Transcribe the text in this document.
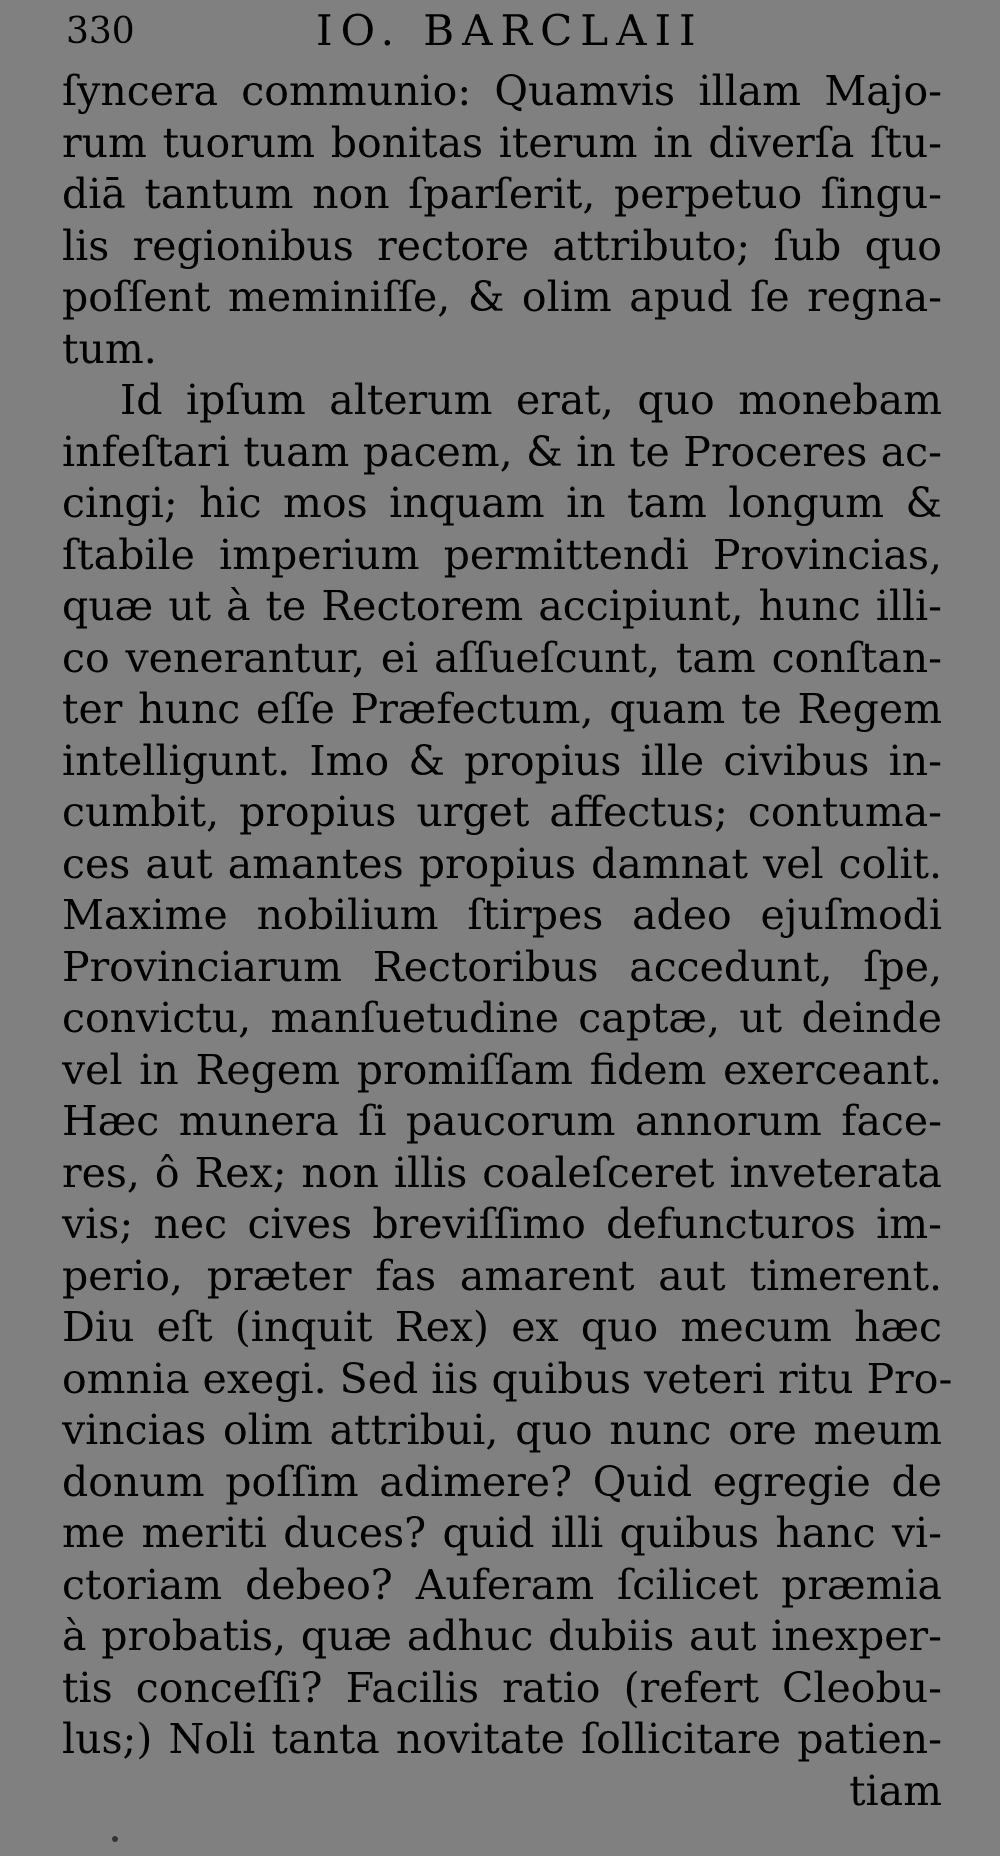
330	IO. BARCLAII
ſyncera communio: Quamvis illam Majo-
rum tuorum bonitas iterum in diverſa ſtu-
diā tantum non ſparſerit, perpetuo ſingu-
lis regionibus rectore attributo; ſub quo
poſſent meminiſſe, & olim apud ſe regna-
tum.
Id ipſum alterum erat, quo monebam
infeſtari tuam pacem, & in te Proceres ac-
cingi; hic mos inquam in tam longum &
ſtabile imperium permittendi Provincias,
quæ ut à te Rectorem accipiunt, hunc illi-
co venerantur, ei aſſueſcunt, tam conſtan-
ter hunc eſſe Præfectum, quam te Regem
intelligunt. Imo & propius ille civibus in-
cumbit, propius urget affectus; contuma-
ces aut amantes propius damnat vel colit.
Maxime nobilium ſtirpes adeo ejuſmodi
Provinciarum Rectoribus accedunt, ſpe,
convictu, manſuetudine captæ, ut deinde
vel in Regem promiſſam fidem exerceant.
Hæc munera ſi paucorum annorum face-
res, ô Rex; non illis coaleſceret inveterata
vis; nec cives breviſſimo defuncturos im-
perio, præter fas amarent aut timerent.
Diu eſt (inquit Rex) ex quo mecum hæc
omnia exegi. Sed iis quibus veteri ritu Pro-
vincias olim attribui, quo nunc ore meum
donum poſſim adimere? Quid egregie de
me meriti duces? quid illi quibus hanc vi-
ctoriam debeo? Auferam ſcilicet præmia
à probatis, quæ adhuc dubiis aut inexper-
tis conceſſi? Facilis ratio (refert Cleobu-
lus;) Noli tanta novitate ſollicitare patien-
tiam
